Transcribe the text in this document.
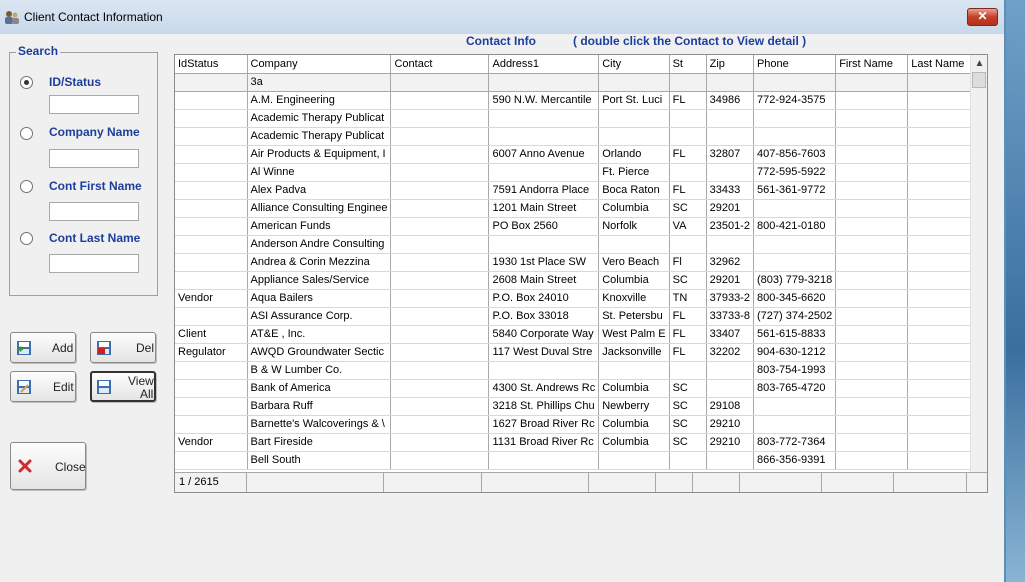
Client Contact Information	✕
ID/Status
Company Name
Cont First Name
Cont Last Name
Search
Add	Del
Edit	View
All
Close
Contact Info	( double click the Contact to View detail )
IdStatus	Company	Contact	Address1	City	St	Zip	Phone	First Name	Last Name
	3a								
	A.M. Engineering		590 N.W. Mercantile	Port St. Luci	FL	34986	772-924-3575		
	Academic Therapy Publicat								
	Academic Therapy Publicat								
	Air Products & Equipment, I		6007 Anno Avenue	Orlando	FL	32807	407-856-7603		
	Al Winne			Ft. Pierce			772-595-5922		
	Alex Padva		7591 Andorra Place	Boca Raton	FL	33433	561-361-9772		
	Alliance Consulting Enginee		1201 Main Street	Columbia	SC	29201			
	American Funds		PO Box 2560	Norfolk	VA	23501-2	800-421-0180		
	Anderson Andre Consulting								
	Andrea & Corin Mezzina		1930 1st Place SW	Vero Beach	Fl	32962			
	Appliance Sales/Service		2608 Main Street	Columbia	SC	29201	(803) 779-3218		
Vendor	Aqua Bailers		P.O. Box 24010	Knoxville	TN	37933-2	800-345-6620		
	ASI Assurance Corp.		P.O. Box 33018	St. Petersbu	FL	33733-8	(727) 374-2502		
Client	AT&E , Inc.		5840 Corporate Way	West Palm E	FL	33407	561-615-8833		
Regulator	AWQD Groundwater Sectic		117 West Duval Stre	Jacksonville	FL	32202	904-630-1212		
	B & W Lumber Co.						803-754-1993		
	Bank of America		4300 St. Andrews Rc	Columbia	SC		803-765-4720		
	Barbara Ruff		3218 St. Phillips Chu	Newberry	SC	29108			
	Barnette's Walcoverings & \		1627 Broad River Rc	Columbia	SC	29210			
Vendor	Bart Fireside		1131 Broad River Rc	Columbia	SC	29210	803-772-7364		
	Bell South						866-356-9391		
▲
1 / 2615
